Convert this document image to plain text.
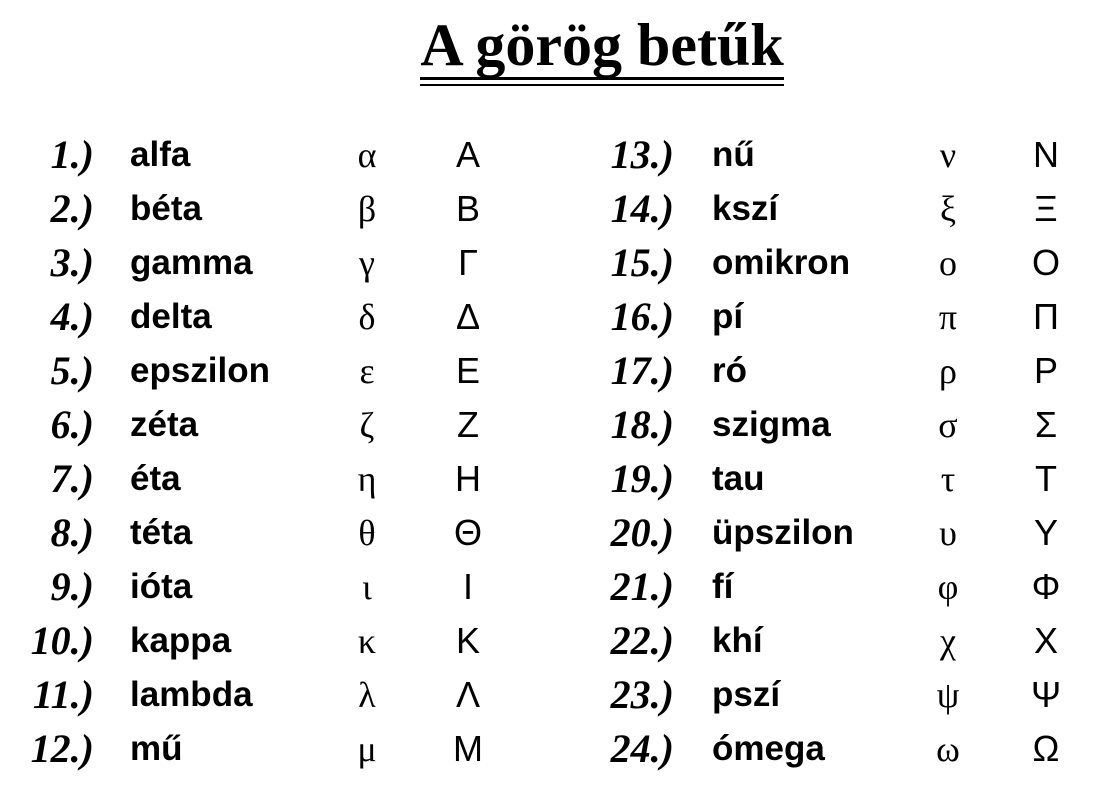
A görög betűk
1.) alfa	α Α
2.) béta	β Β
3.) gamma	γ Γ
4.) delta	δ Δ
5.) epszilon ε Ε
6.) zéta	ζ Ζ
7.) éta	η Η
8.) téta	θ Θ
9.) ióta	ι	Ι
10.) kappa	κ Κ
11.) lambda	λ Λ
12.) mű	μ Μ
13.) nű	ν Ν
14.) kszí	ξ Ξ
15.) omikron ο Ο
16.) pí	π Π
17.) ró	ρ Ρ
18.) szigma	σ Σ
19.) tau	τ Τ
20.) üpszilon υ Υ
21.) fí	φ Φ
22.) khí	χ Χ
23.) pszí	ψ Ψ
24.) ómega	ω Ω
